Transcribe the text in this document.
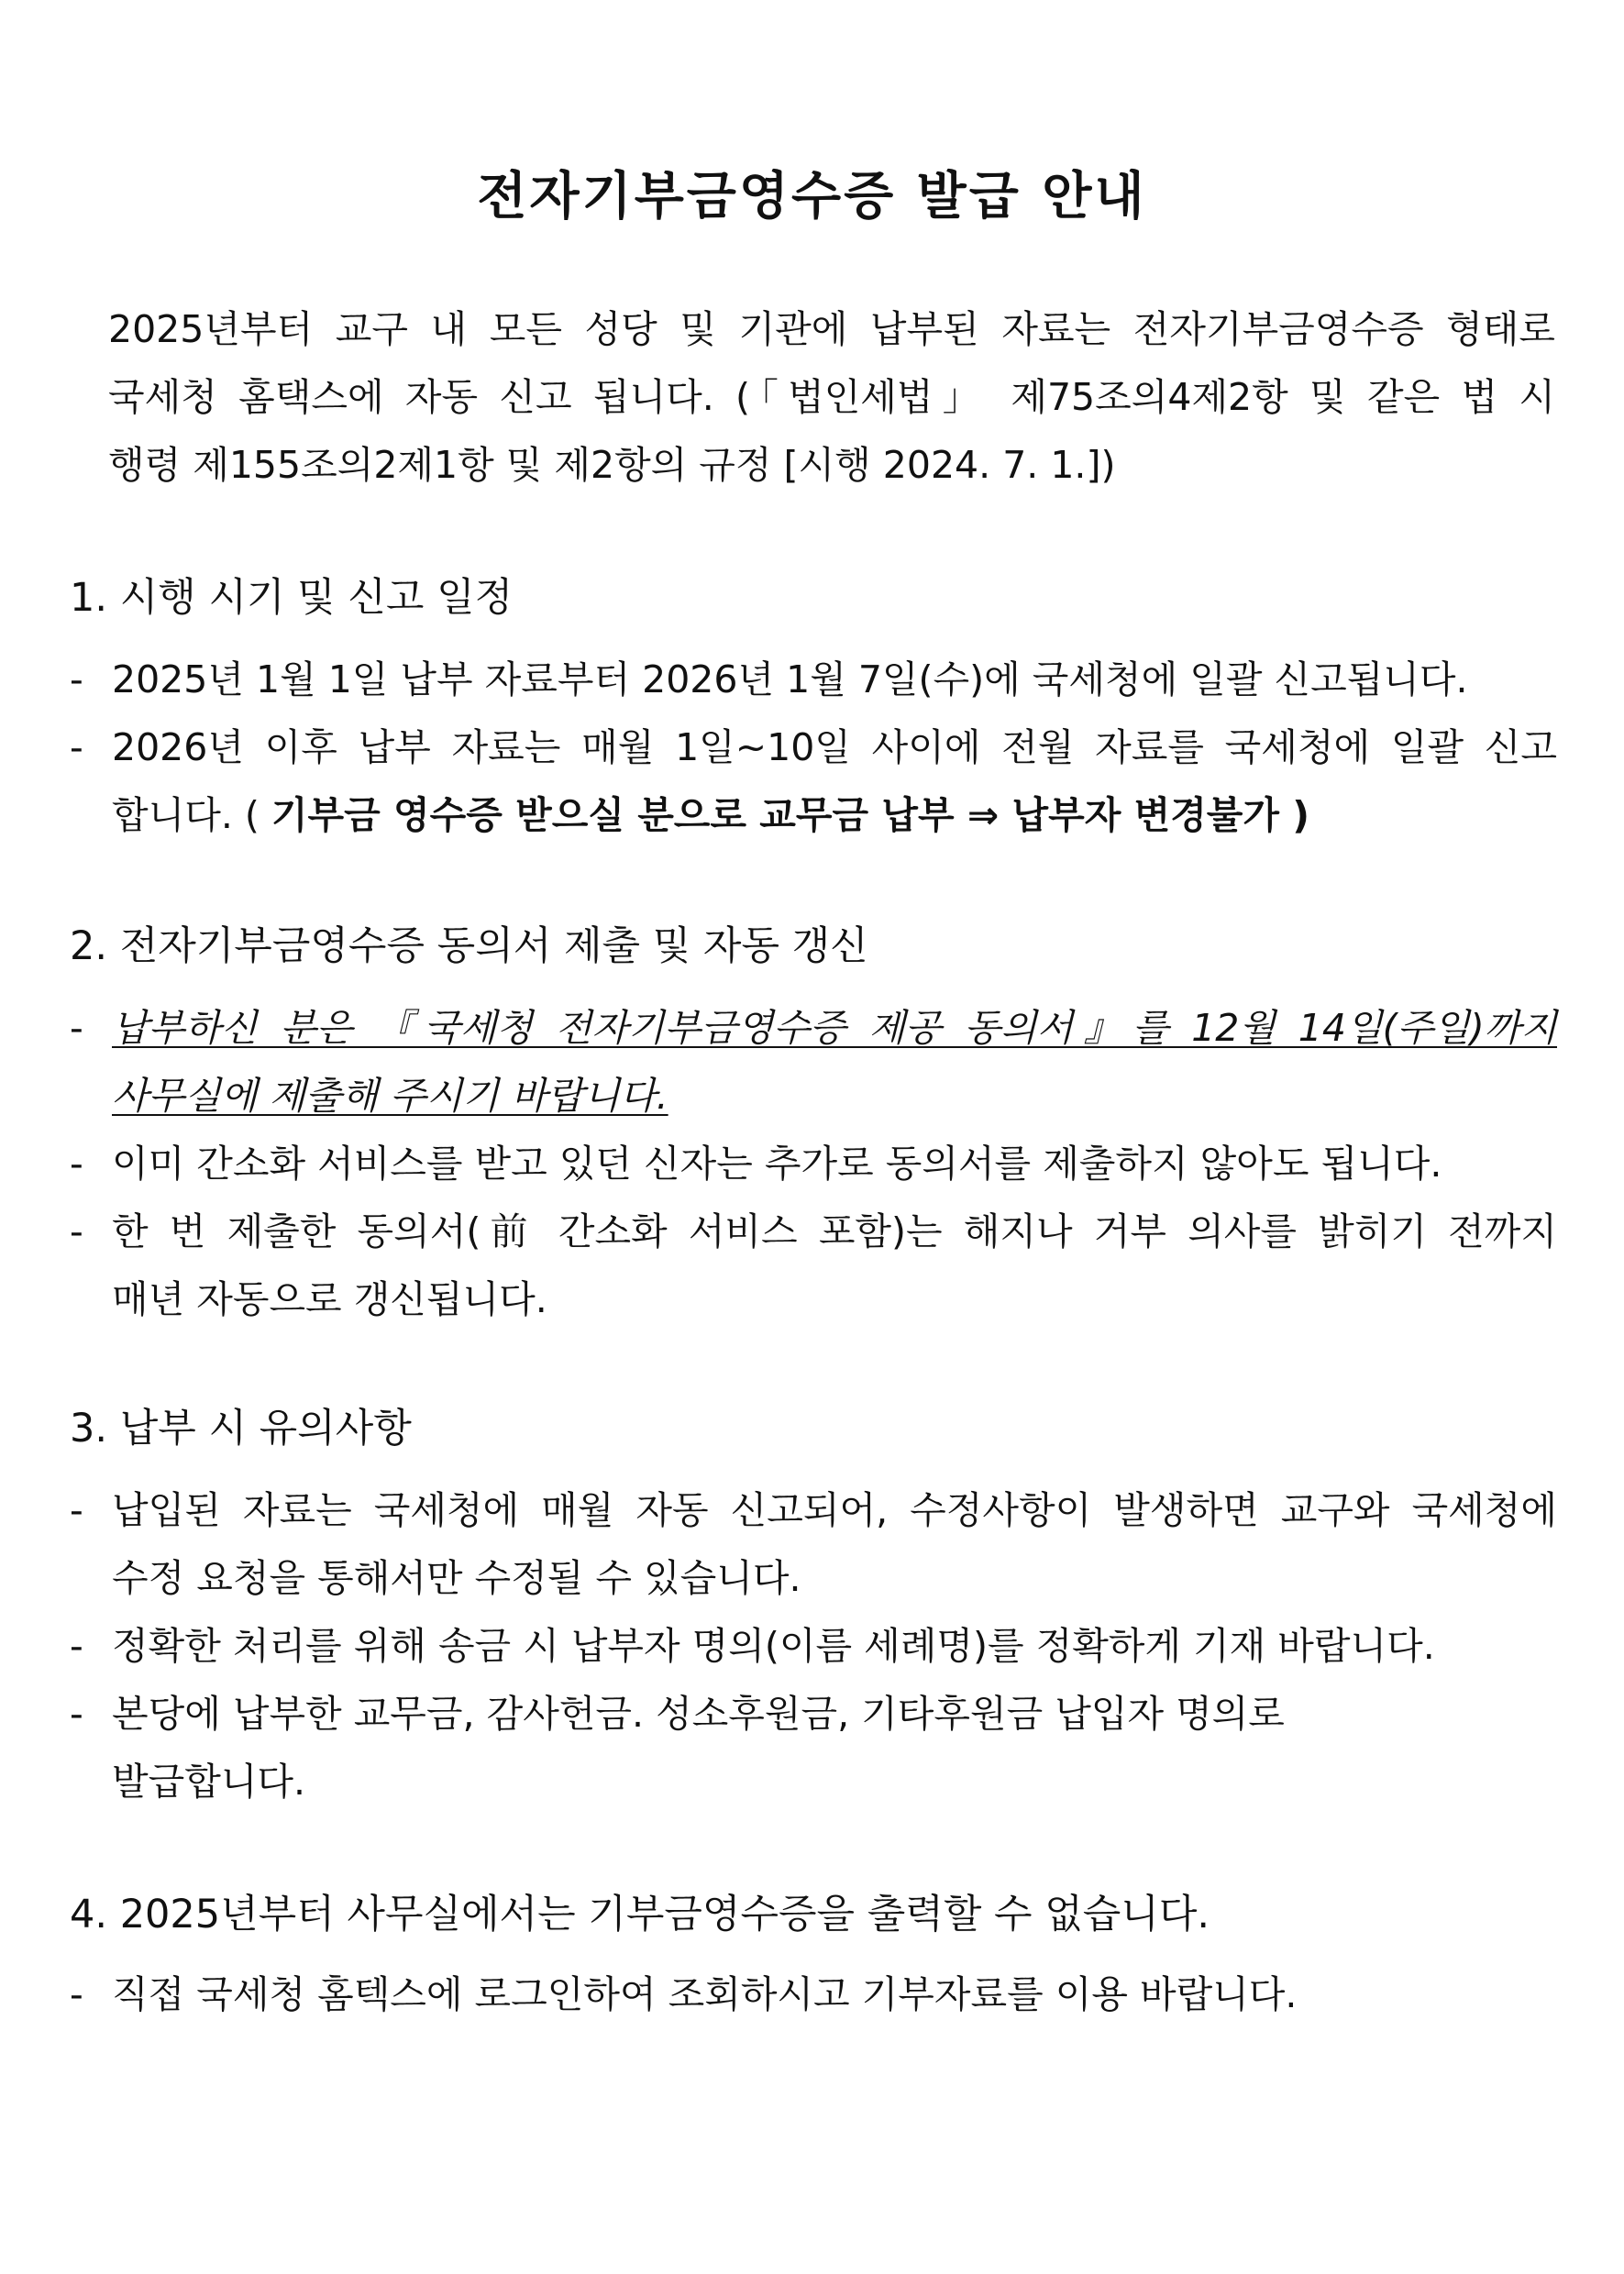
전자기부금영수증 발급 안내
2025년부터 교구 내 모든 성당 및 기관에 납부된 자료는 전자기부금영수증 형태로
국세청 홈택스에 자동 신고 됩니다. (「법인세법」 제75조의4제2항 및 같은 법 시
행령 제155조의2제1항 및 제2항의 규정 [시행 2024. 7. 1.])
1. 시행 시기 및 신고 일정
- 2025년 1월 1일 납부 자료부터 2026년 1월 7일(수)에 국세청에 일괄 신고됩니다.
- 2026년 이후 납부 자료는 매월 1일~10일 사이에 전월 자료를 국세청에 일괄 신고
합니다. ( 기부금 영수증 받으실 분으로 교무금 납부 ⇒ 납부자 변경불가 )
2. 전자기부금영수증 동의서 제출 및 자동 갱신
- 납부하신 분은 『국세청 전자기부금영수증 제공 동의서』를 12월 14일(주일)까지
사무실에 제출해 주시기 바랍니다.
- 이미 간소화 서비스를 받고 있던 신자는 추가로 동의서를 제출하지 않아도 됩니다.
- 한 번 제출한 동의서(前 간소화 서비스 포함)는 해지나 거부 의사를 밝히기 전까지
매년 자동으로 갱신됩니다.
3. 납부 시 유의사항
- 납입된 자료는 국세청에 매월 자동 신고되어, 수정사항이 발생하면 교구와 국세청에
수정 요청을 통해서만 수정될 수 있습니다.
- 정확한 처리를 위해 송금 시 납부자 명의(이름 세례명)를 정확하게 기재 바랍니다.
- 본당에 납부한 교무금, 감사헌금. 성소후원금, 기타후원금 납입자 명의로
발급합니다.
4. 2025년부터 사무실에서는 기부금영수증을 출력할 수 없습니다.
- 직접 국세청 홈텍스에 로그인하여 조회하시고 기부자료를 이용 바랍니다.
